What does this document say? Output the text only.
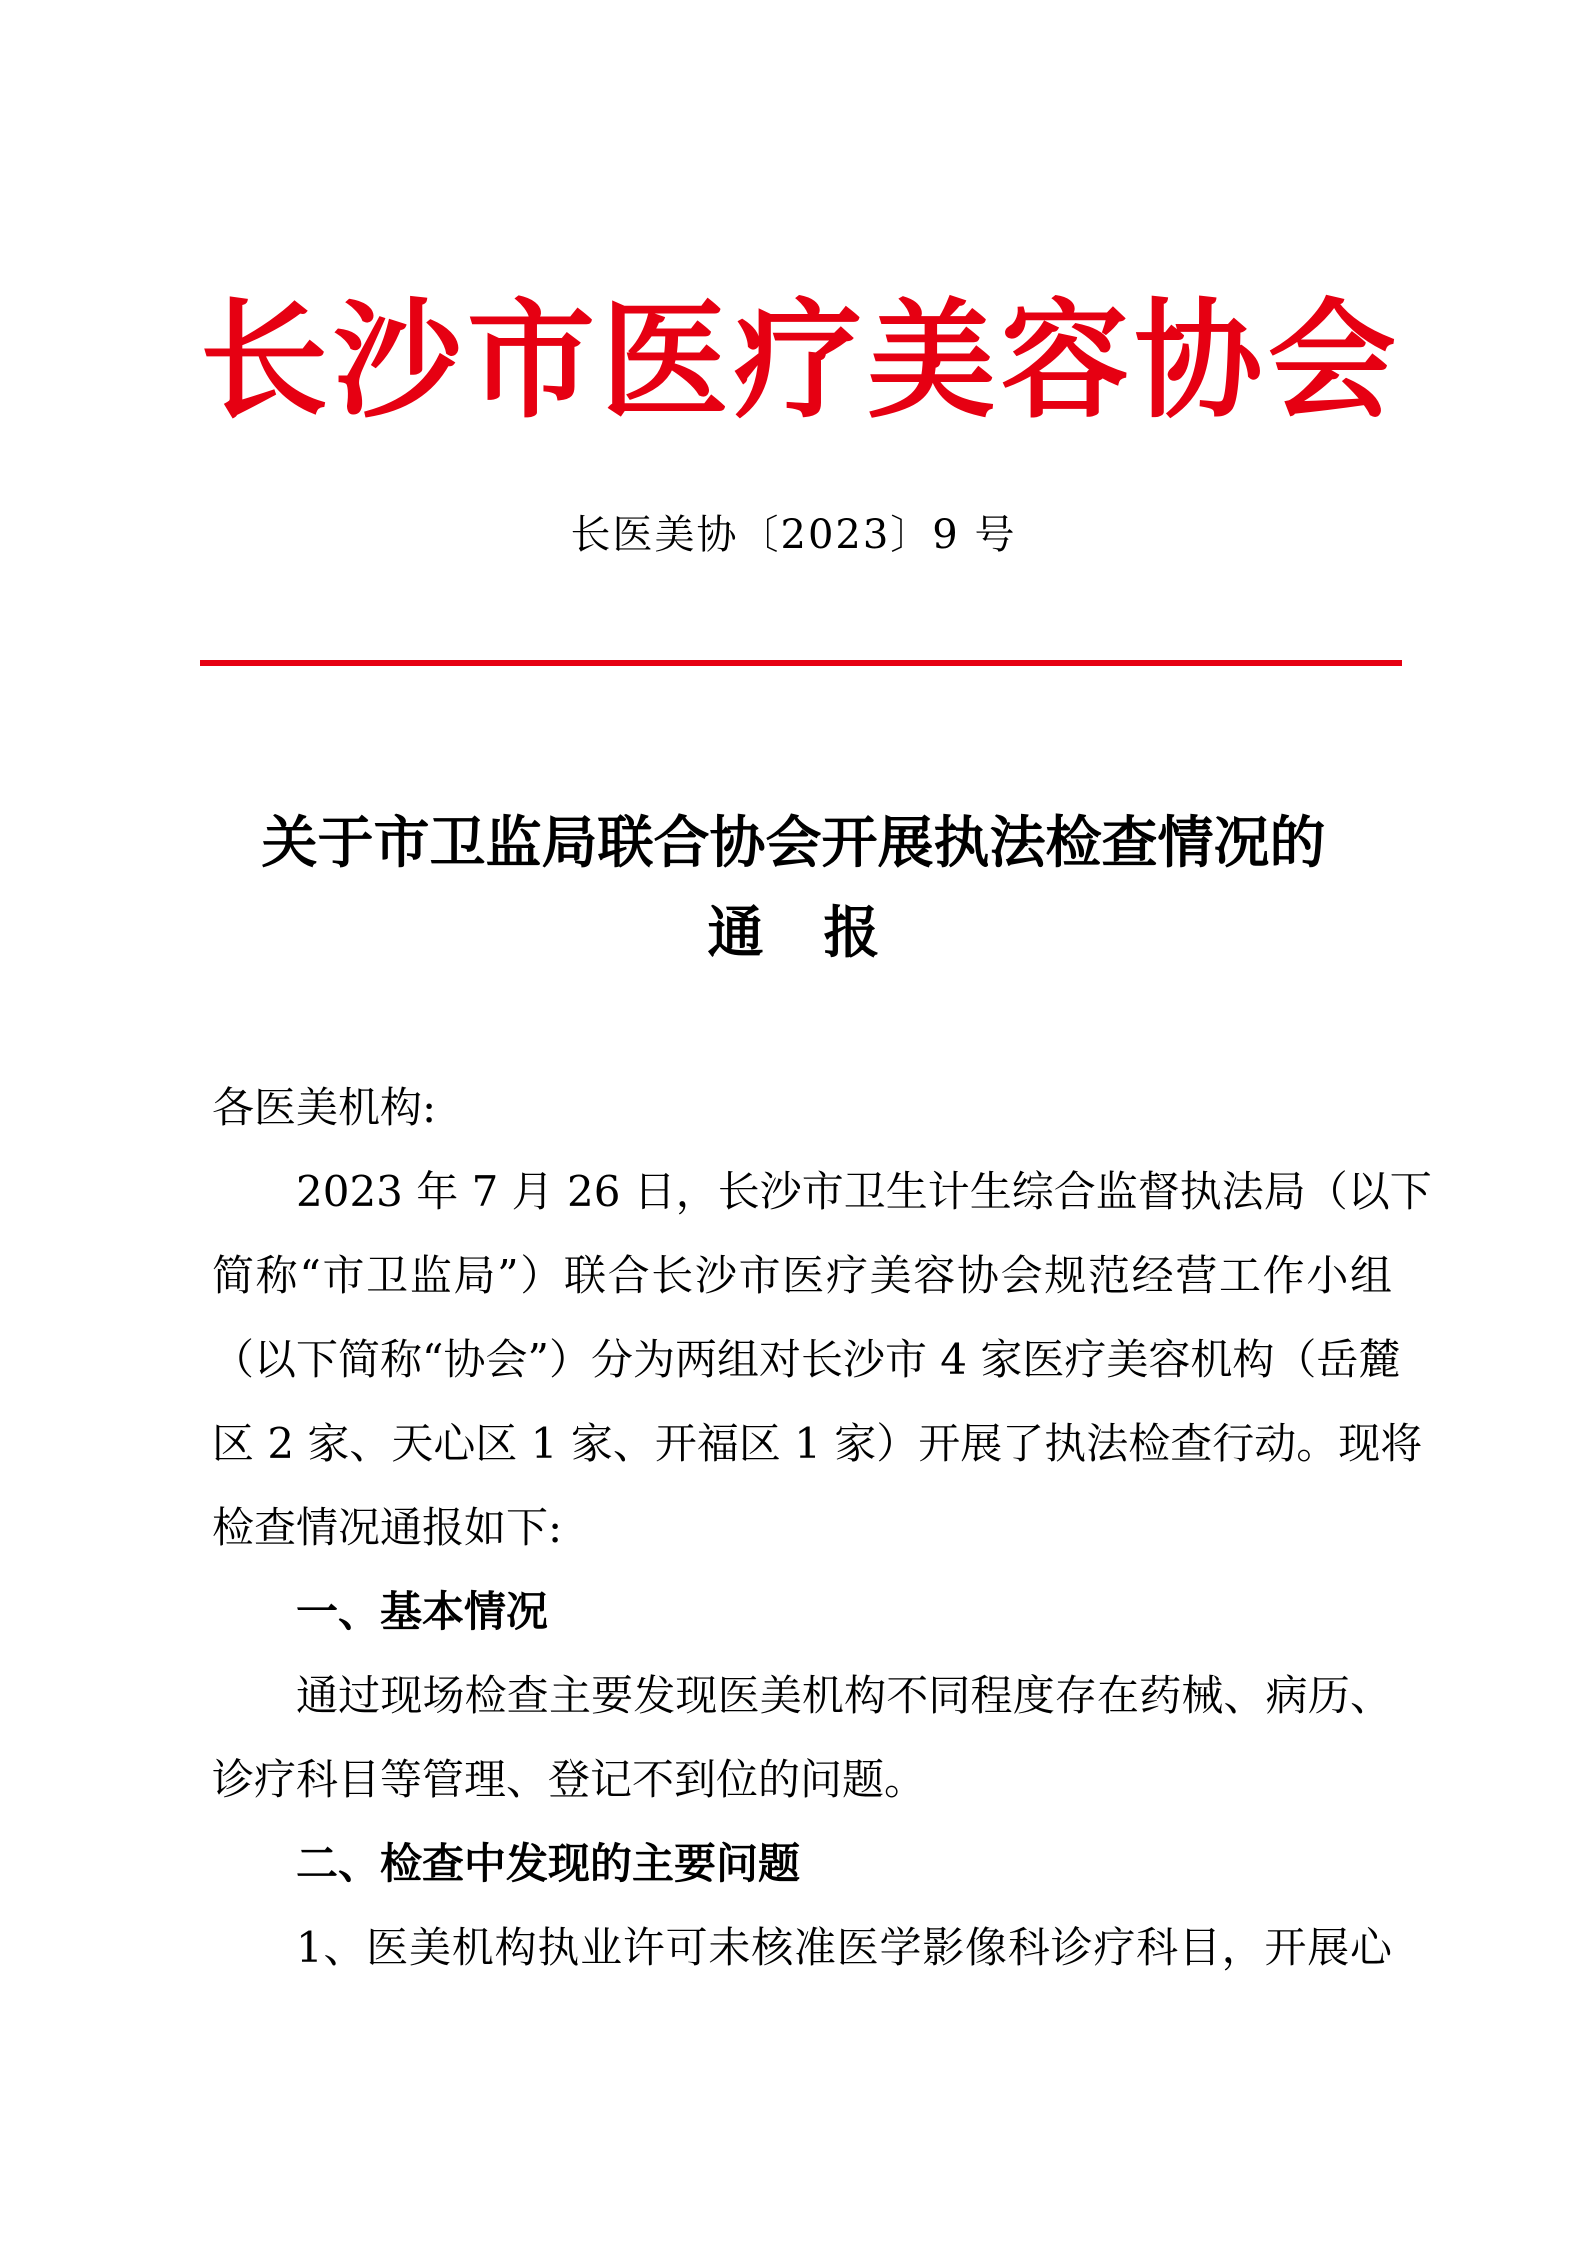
长 沙 市 医 疗 美 容 协 会
长医美协〔2023〕9 号
关于市卫监局联合协会开展执法检查情况的
通报
各医美机构:
2023 年 7 月 26 日，长沙市卫生计生综合监督执法局（以下
简称“市卫监局”）联合长沙市医疗美容协会规范经营工作小组
（以下简称“协会”）分为两组对长沙市 4 家医疗美容机构（岳麓
区 2 家、天心区 1 家、开福区 1 家）开展了执法检查行动。现将
检查情况通报如下:
一、基本情况
通过现场检查主要发现医美机构不同程度存在药械、病历、
诊疗科目等管理、登记不到位的问题。
二、检查中发现的主要问题
1、医美机构执业许可未核准医学影像科诊疗科目，开展心
